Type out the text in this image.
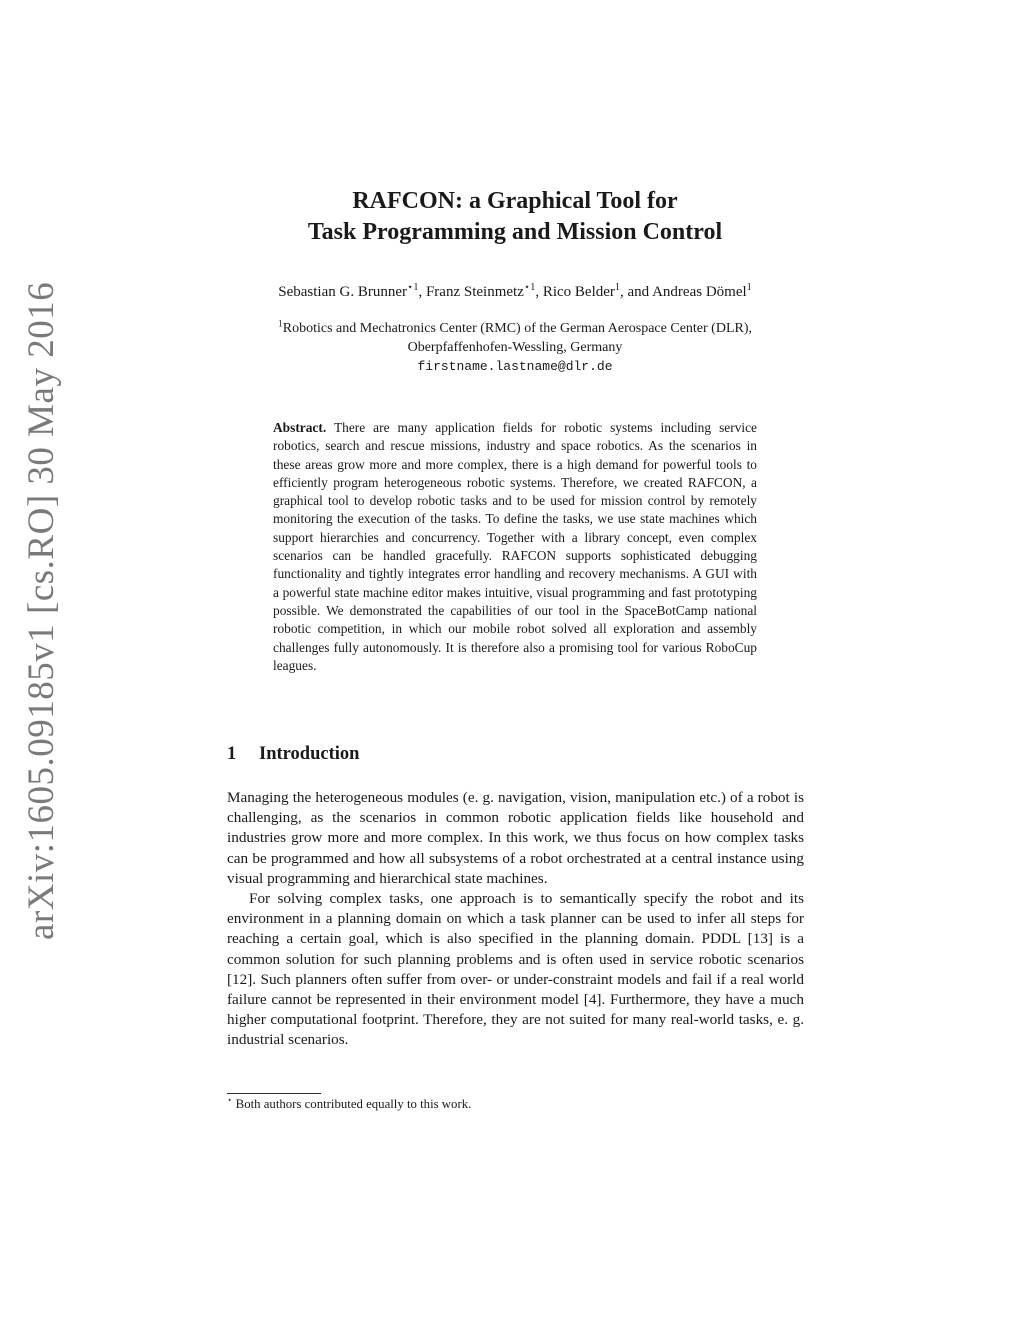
arXiv:1605.09185v1 [cs.RO] 30 May 2016
RAFCON: a Graphical Tool for
Task Programming and Mission Control
Sebastian G. Brunner$^{⋆1}$, Franz Steinmetz$^{⋆1}$, Rico Belder$^1$, and Andreas Dömel$^1$
$^1$Robotics and Mechatronics Center (RMC) of the German Aerospace Center (DLR),
Oberpfaffenhofen-Wessling, Germany
firstname.lastname@dlr.de
Abstract. There are many application fields for robotic systems including service robotics, search and rescue missions, industry and space robotics. As the scenarios in these areas grow more and more complex, there is a high demand for powerful tools to efficiently program heterogeneous robotic systems. Therefore, we created RAFCON, a graphical tool to develop robotic tasks and to be used for mission control by remotely monitoring the execution of the tasks. To define the tasks, we use state machines which support hierarchies and concurrency. Together with a library concept, even complex scenarios can be handled gracefully. RAFCON supports sophisticated debugging functionality and tightly integrates error handling and recovery mechanisms. A GUI with a powerful state machine editor makes intuitive, visual programming and fast prototyping possible. We demonstrated the capabilities of our tool in the SpaceBotCamp national robotic competition, in which our mobile robot solved all exploration and assembly challenges fully autonomously. It is therefore also a promising tool for various RoboCup leagues.
1 Introduction

Managing the heterogeneous modules (e. g. navigation, vision, manipulation etc.) of a robot is challenging, as the scenarios in common robotic application fields like household and industries grow more and more complex. In this work, we thus focus on how complex tasks can be programmed and how all subsystems of a robot orchestrated at a central instance using visual programming and hierarchical state machines.

For solving complex tasks, one approach is to semantically specify the robot and its environment in a planning domain on which a task planner can be used to infer all steps for reaching a certain goal, which is also specified in the planning domain. PDDL [13] is a common solution for such planning problems and is often used in service robotic scenarios [12]. Such planners often suffer from over- or under-constraint models and fail if a real world failure cannot be represented in their environment model [4]. Furthermore, they have a much higher computational footprint. Therefore, they are not suited for many real-world tasks, e. g. industrial scenarios.

⋆ Both authors contributed equally to this work.
